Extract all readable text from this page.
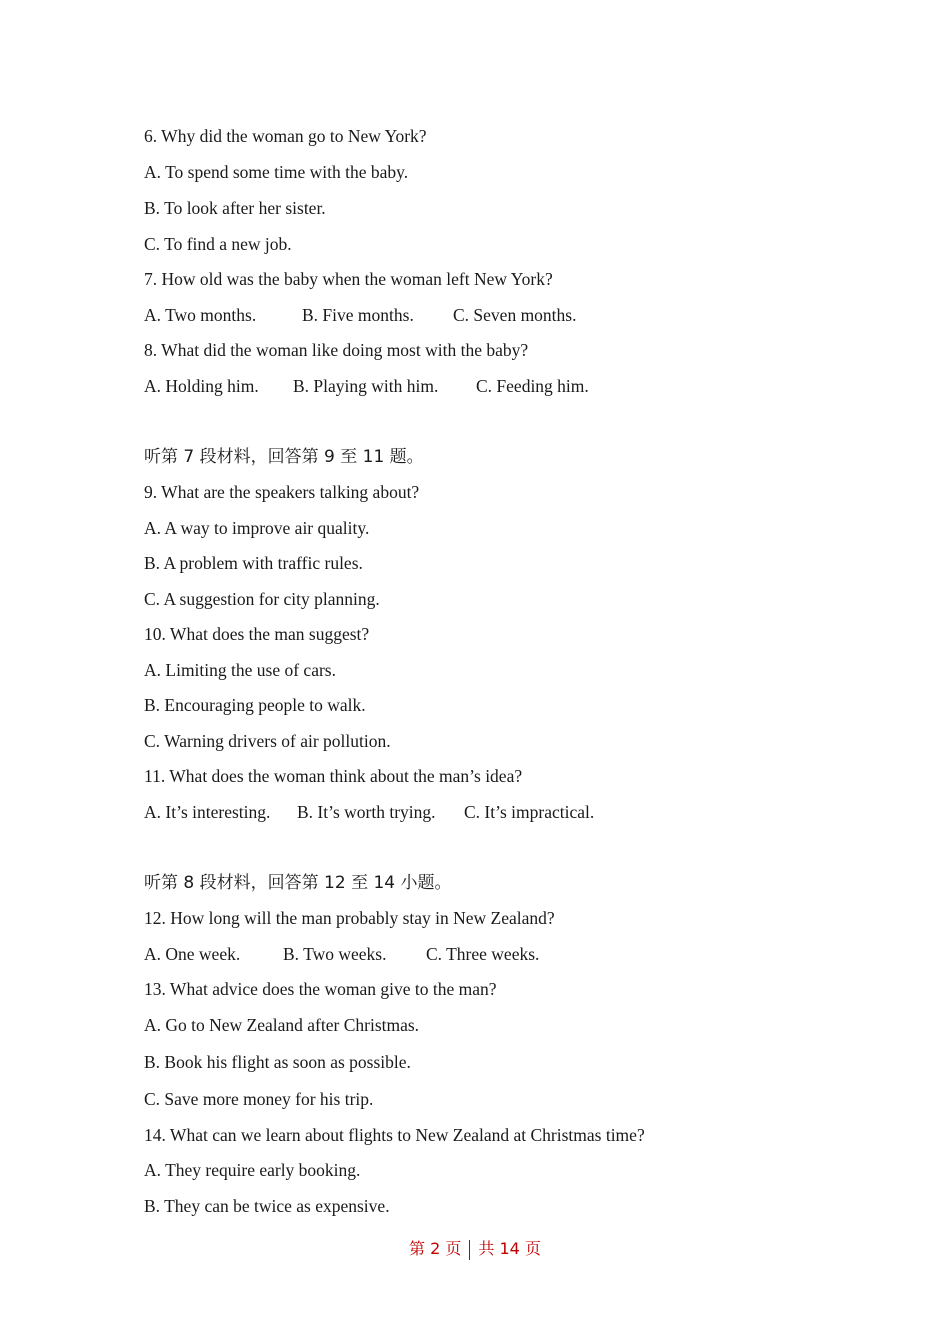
6. Why did the woman go to New York?
A. To spend some time with the baby.
B. To look after her sister.
C. To find a new job.
7. How old was the baby when the woman left New York?
A. Two months.	B. Five months. C. Seven months.
8. What did the woman like doing most with the baby?
A. Holding him. B. Playing with him. C. Feeding him.
听第 7 段材料，回答第 9 至 11 题。
9. What are the speakers talking about?
A. A way to improve air quality.
B. A problem with traffic rules.
C. A suggestion for city planning.
10. What does the man suggest?
A. Limiting the use of cars.
B. Encouraging people to walk.
C. Warning drivers of air pollution.
11. What does the woman think about the man’s idea?
A. It’s interesting. B. It’s worth trying. C. It’s impractical.
听第 8 段材料，回答第 12 至 14 小题。
12. How long will the man probably stay in New Zealand?
A. One week. B. Two weeks. C. Three weeks.
13. What advice does the woman give to the man?
A. Go to New Zealand after Christmas.
B. Book his flight as soon as possible.
C. Save more money for his trip.
14. What can we learn about flights to New Zealand at Christmas time?
A. They require early booking.
B. They can be twice as expensive.
第 2 页 共 14 页
